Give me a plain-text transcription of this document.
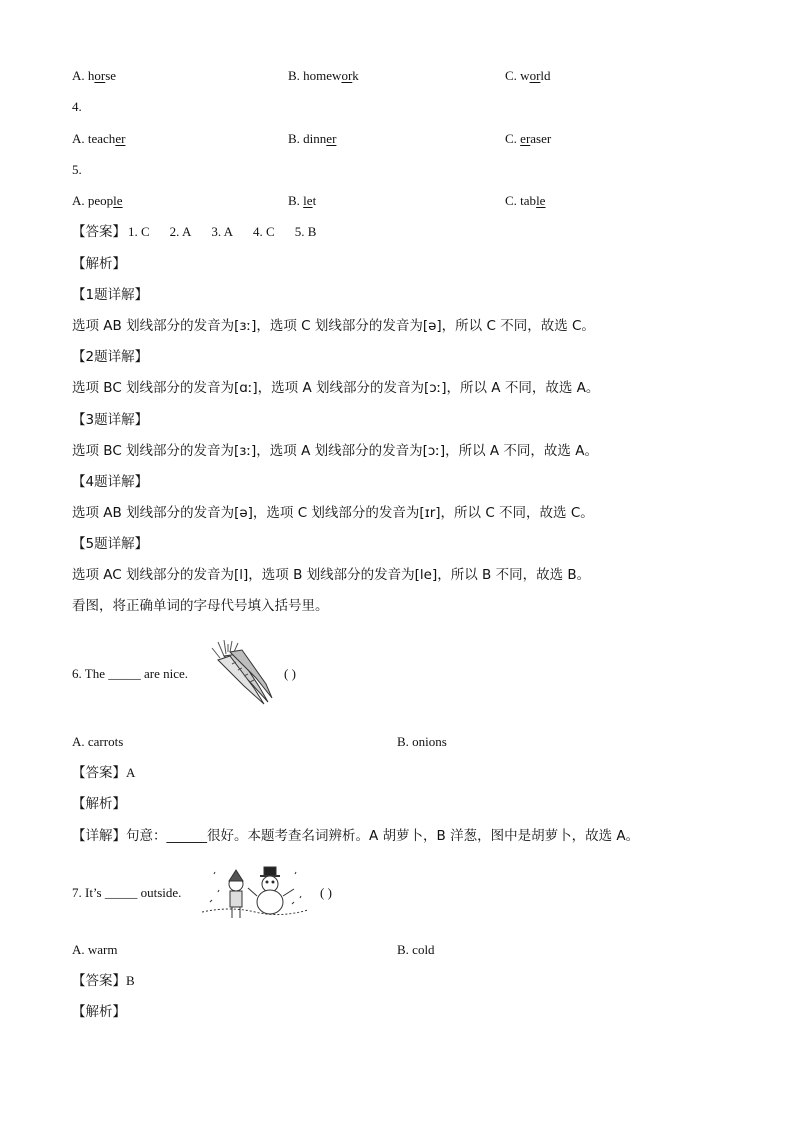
A. horse	B. homework	C. world
4.
A. teacher	B. dinner	C. eraser
5.
A. people	B. let	C. table
【答案】 1. C 2. A 3. A 4. C 5. B
【解析】
【1题详解】
选项 AB 划线部分的发音为[ɜː]，选项 C 划线部分的发音为[ə]，所以 C 不同，故选 C。
【2题详解】
选项 BC 划线部分的发音为[ɑː]，选项 A 划线部分的发音为[ɔː]，所以 A 不同，故选 A。
【3题详解】
选项 BC 划线部分的发音为[ɜː]，选项 A 划线部分的发音为[ɔː]，所以 A 不同，故选 A。
【4题详解】
选项 AB 划线部分的发音为[ə]，选项 C 划线部分的发音为[ɪr]，所以 C 不同，故选 C。
【5题详解】
选项 AC 划线部分的发音为[l]，选项 B 划线部分的发音为[le]，所以 B 不同，故选 B。
看图，将正确单词的字母代号填入括号里。
6. The _____ are nice.	( )
A. carrots	B. onions
【答案】A
【解析】
【详解】句意：______很好。本题考查名词辨析。A 胡萝卜，B 洋葱，图中是胡萝卜，故选 A。
7. It’s _____ outside.	( )
A. warm	B. cold
【答案】B
【解析】
